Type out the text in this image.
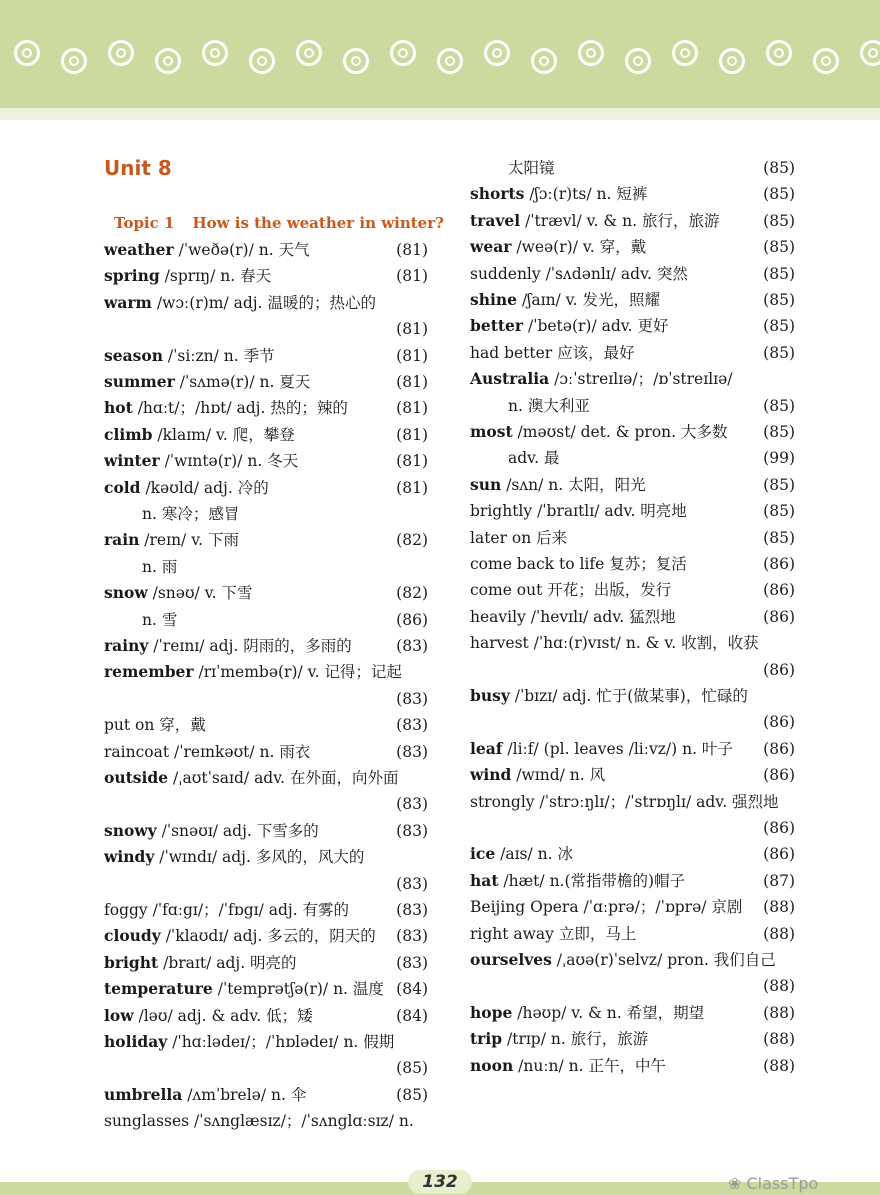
Unit 8
Topic 1 How is the weather in winter?
weather /ˈweðə(r)/ n. 天气	(81)
spring /sprɪŋ/ n. 春天	(81)
warm /wɔː(r)m/ adj. 温暖的；热心的
(81)
season /ˈsiːzn/ n. 季节	(81)
summer /ˈsʌmə(r)/ n. 夏天	(81)
hot /hɑːt/；/hɒt/ adj. 热的；辣的	(81)
climb /klaɪm/ v. 爬，攀登	(81)
winter /ˈwɪntə(r)/ n. 冬天	(81)
cold /kəʊld/ adj. 冷的	(81)
n. 寒冷；感冒
rain /reɪn/ v. 下雨	(82)
n. 雨
snow /snəʊ/ v. 下雪	(82)
n. 雪	(86)
rainy /ˈreɪnɪ/ adj. 阴雨的，多雨的	(83)
remember /rɪˈmembə(r)/ v. 记得；记起
(83)
put on 穿，戴	(83)
raincoat /ˈreɪnkəʊt/ n. 雨衣	(83)
outside /ˌaʊtˈsaɪd/ adv. 在外面，向外面
(83)
snowy /ˈsnəʊɪ/ adj. 下雪多的	(83)
windy /ˈwɪndɪ/ adj. 多风的，风大的
(83)
foggy /ˈfɑːgɪ/；/ˈfɒgɪ/ adj. 有雾的	(83)
cloudy /ˈklaʊdɪ/ adj. 多云的，阴天的 (83)
bright /braɪt/ adj. 明亮的	(83)
temperature /ˈtemprətʃə(r)/ n. 温度 (84)
low /ləʊ/ adj. & adv. 低；矮	(84)
holiday /ˈhɑːlədeɪ/；/ˈhɒlədeɪ/ n. 假期
(85)
umbrella /ʌmˈbrelə/ n. 伞	(85)
sunglasses /ˈsʌnglæsɪz/；/ˈsʌnglɑːsɪz/ n.
太阳镜	(85)
shorts /ʃɔː(r)ts/ n. 短裤	(85)
travel /ˈtrævl/ v. & n. 旅行，旅游	(85)
wear /weə(r)/ v. 穿，戴	(85)
suddenly /ˈsʌdənlɪ/ adv. 突然	(85)
shine /ʃaɪn/ v. 发光，照耀	(85)
better /ˈbetə(r)/ adv. 更好	(85)
had better 应该，最好	(85)
Australia /ɔːˈstreɪlɪə/；/ɒˈstreɪlɪə/
n. 澳大利亚	(85)
most /məʊst/ det. & pron. 大多数 (85)
adv. 最	(99)
sun /sʌn/ n. 太阳，阳光	(85)
brightly /ˈbraɪtlɪ/ adv. 明亮地	(85)
later on 后来	(85)
come back to life 复苏；复活	(86)
come out 开花；出版，发行	(86)
heavily /ˈhevɪlɪ/ adv. 猛烈地	(86)
harvest /ˈhɑː(r)vɪst/ n. & v. 收割，收获
(86)
busy /ˈbɪzɪ/ adj. 忙于(做某事)，忙碌的
(86)
leaf /liːf/ (pl. leaves /liːvz/) n. 叶子 (86)
wind /wɪnd/ n. 风	(86)
strongly /ˈstrɔːŋlɪ/；/ˈstrɒŋlɪ/ adv. 强烈地
(86)
ice /aɪs/ n. 冰	(86)
hat /hæt/ n.(常指带檐的)帽子	(87)
Beijing Opera /ˈɑːprə/；/ˈɒprə/ 京剧 (88)
right away 立即，马上	(88)
ourselves /ˌaʊə(r)ˈselvz/ pron. 我们自己
(88)
hope /həʊp/ v. & n. 希望，期望	(88)
trip /trɪp/ n. 旅行，旅游	(88)
noon /nuːn/ n. 正午，中午	(88)
132	❀ ClassTpo
